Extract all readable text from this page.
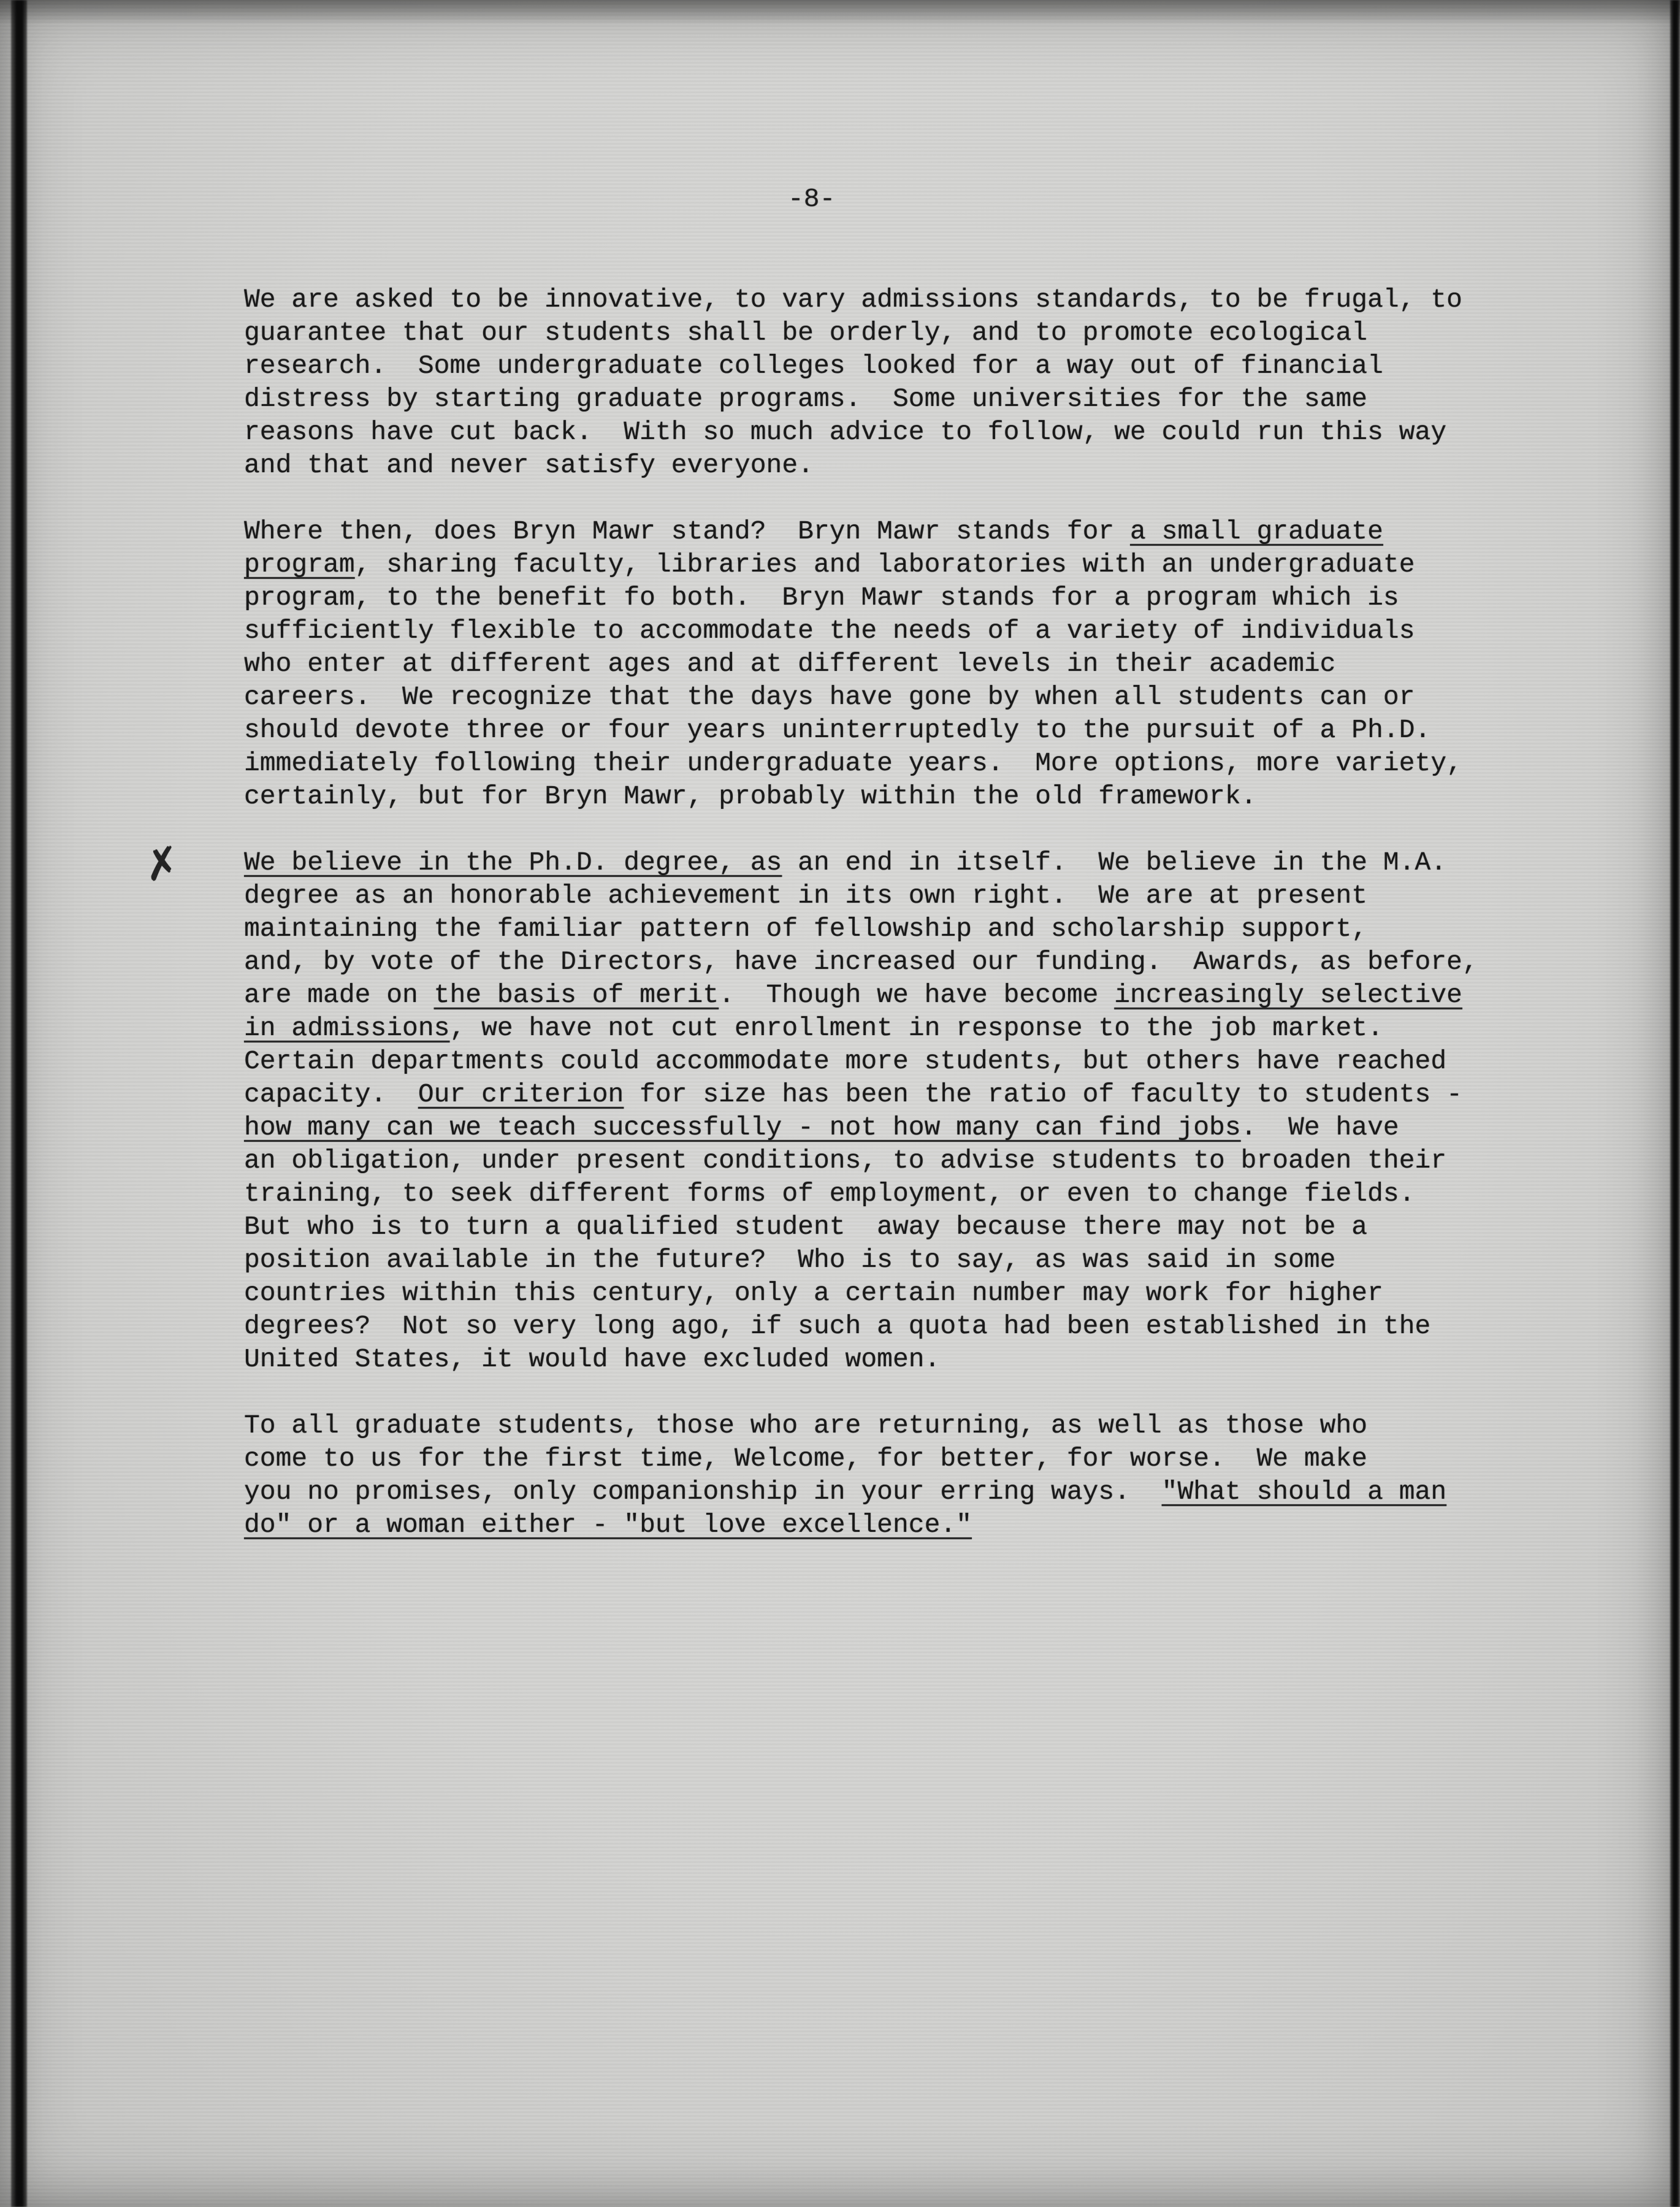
-8-
✗
We are asked to be innovative, to vary admissions standards, to be frugal, to
guarantee that our students shall be orderly, and to promote ecological
research.  Some undergraduate colleges looked for a way out of financial
distress by starting graduate programs.  Some universities for the same
reasons have cut back.  With so much advice to follow, we could run this way
and that and never satisfy everyone.
Where then, does Bryn Mawr stand?  Bryn Mawr stands for a small graduate
program, sharing faculty, libraries and laboratories with an undergraduate
program, to the benefit fo both.  Bryn Mawr stands for a program which is
sufficiently flexible to accommodate the needs of a variety of individuals
who enter at different ages and at different levels in their academic
careers.  We recognize that the days have gone by when all students can or
should devote three or four years uninterruptedly to the pursuit of a Ph.D.
immediately following their undergraduate years.  More options, more variety,
certainly, but for Bryn Mawr, probably within the old framework.
We believe in the Ph.D. degree, as an end in itself.  We believe in the M.A.
degree as an honorable achievement in its own right.  We are at present
maintaining the familiar pattern of fellowship and scholarship support,
and, by vote of the Directors, have increased our funding.  Awards, as before,
are made on the basis of merit.  Though we have become increasingly selective
in admissions, we have not cut enrollment in response to the job market.
Certain departments could accommodate more students, but others have reached
capacity.  Our criterion for size has been the ratio of faculty to students -
how many can we teach successfully - not how many can find jobs.  We have
an obligation, under present conditions, to advise students to broaden their
training, to seek different forms of employment, or even to change fields.
But who is to turn a qualified student  away because there may not be a
position available in the future?  Who is to say, as was said in some
countries within this century, only a certain number may work for higher
degrees?  Not so very long ago, if such a quota had been established in the
United States, it would have excluded women.
To all graduate students, those who are returning, as well as those who
come to us for the first time, Welcome, for better, for worse.  We make
you no promises, only companionship in your erring ways.  "What should a man
do" or a woman either - "but love excellence."
